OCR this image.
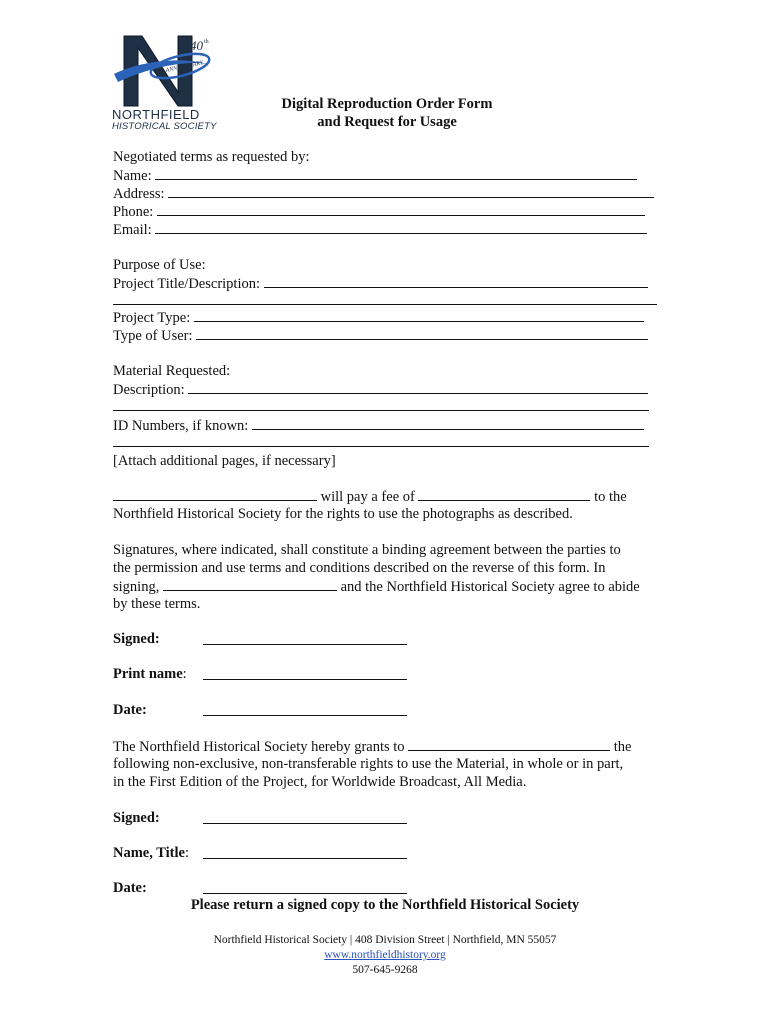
40 th
ANNIVERSARY
NORTHFIELD
HISTORICAL SOCIETY
Digital Reproduction Order Form
and Request for Usage
Negotiated terms as requested by:
Name:
Address:
Phone:
Email:
Purpose of Use:
Project Title/Description:
Project Type:
Type of User:
Material Requested:
Description:
ID Numbers, if known:
[Attach additional pages, if necessary]
will pay a fee of	to the
Northfield Historical Society for the rights to use the photographs as described.
Signatures, where indicated, shall constitute a binding agreement between the parties to
the permission and use terms and conditions described on the reverse of this form. In
signing,	and the Northfield Historical Society agree to abide
by these terms.
Signed:
Print name:
Date:
The Northfield Historical Society hereby grants to	the
following non-exclusive, non-transferable rights to use the Material, in whole or in part,
in the First Edition of the Project, for Worldwide Broadcast, All Media.
Signed:
Name, Title:
Date:
Please return a signed copy to the Northfield Historical Society
Northfield Historical Society | 408 Division Street | Northfield, MN 55057
www.northfieldhistory.org
507-645-9268
